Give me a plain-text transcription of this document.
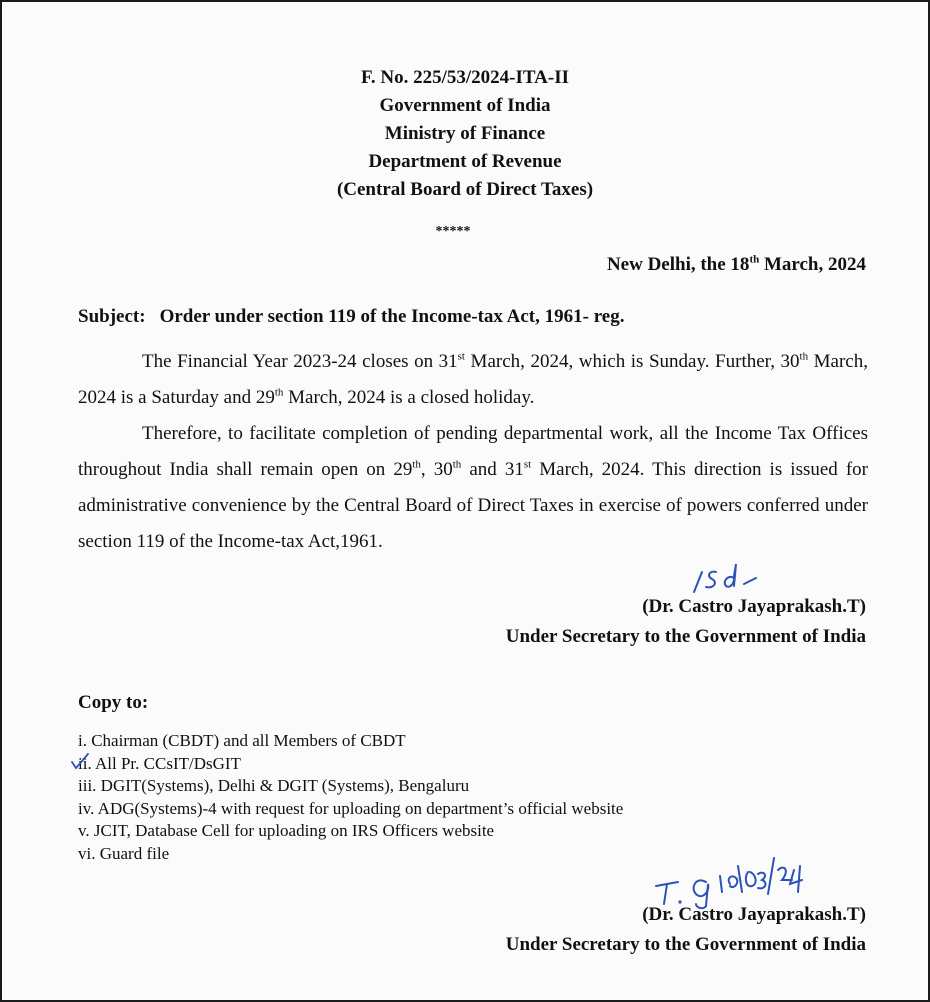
F. No. 225/53/2024-ITA-II
Government of India
Ministry of Finance
Department of Revenue
(Central Board of Direct Taxes)
*****
New Delhi, the 18th March, 2024
Subject: Order under section 119 of the Income-tax Act, 1961- reg.

The Financial Year 2023-24 closes on 31st March, 2024, which is Sunday. Further, 30th March, 2024 is a Saturday and 29th March, 2024 is a closed holiday.

Therefore, to facilitate completion of pending departmental work, all the Income Tax Offices throughout India shall remain open on 29th, 30th and 31st March, 2024. This direction is issued for administrative convenience by the Central Board of Direct Taxes in exercise of powers conferred under section 119 of the Income-tax Act,1961.

(Dr. Castro Jayaprakash.T)
Under Secretary to the Government of India
Copy to:
i. Chairman (CBDT) and all Members of CBDT
ii. All Pr. CCsIT/DsGIT
iii. DGIT(Systems), Delhi & DGIT (Systems), Bengaluru
iv. ADG(Systems)-4 with request for uploading on department’s official website
v. JCIT, Database Cell for uploading on IRS Officers website
vi. Guard file
(Dr. Castro Jayaprakash.T)
Under Secretary to the Government of India
